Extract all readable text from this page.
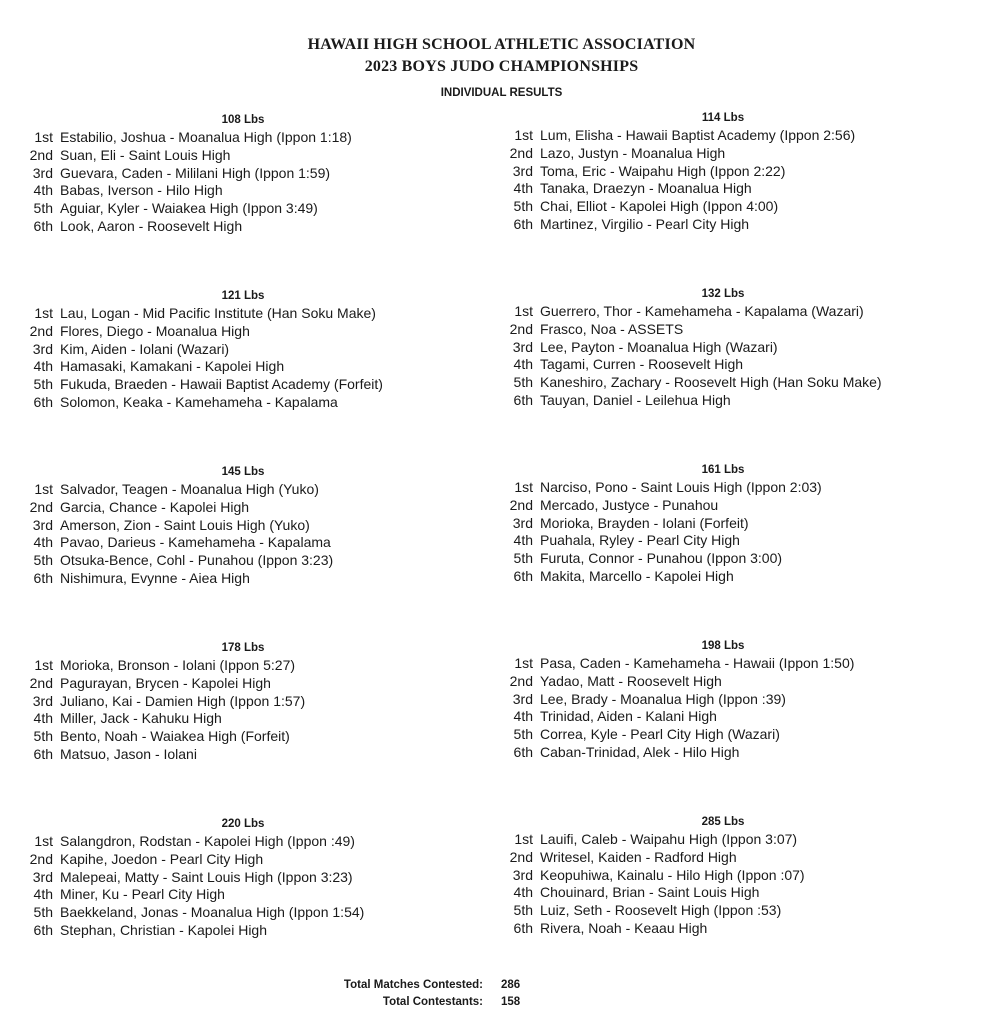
HAWAII HIGH SCHOOL ATHLETIC ASSOCIATION
2023 BOYS JUDO CHAMPIONSHIPS
INDIVIDUAL RESULTS
108 Lbs
1st Estabilio, Joshua - Moanalua High (Ippon 1:18)
2nd Suan, Eli - Saint Louis High
3rd Guevara, Caden - Mililani High (Ippon 1:59)
4th Babas, Iverson - Hilo High
5th Aguiar, Kyler - Waiakea High (Ippon 3:49)
6th Look, Aaron - Roosevelt High
114 Lbs
1st Lum, Elisha - Hawaii Baptist Academy (Ippon 2:56)
2nd Lazo, Justyn - Moanalua High
3rd Toma, Eric - Waipahu High (Ippon 2:22)
4th Tanaka, Draezyn - Moanalua High
5th Chai, Elliot - Kapolei High (Ippon 4:00)
6th Martinez, Virgilio - Pearl City High
121 Lbs
1st Lau, Logan - Mid Pacific Institute (Han Soku Make)
2nd Flores, Diego - Moanalua High
3rd Kim, Aiden - Iolani (Wazari)
4th Hamasaki, Kamakani - Kapolei High
5th Fukuda, Braeden - Hawaii Baptist Academy (Forfeit)
6th Solomon, Keaka - Kamehameha - Kapalama
132 Lbs
1st Guerrero, Thor - Kamehameha - Kapalama (Wazari)
2nd Frasco, Noa - ASSETS
3rd Lee, Payton - Moanalua High (Wazari)
4th Tagami, Curren - Roosevelt High
5th Kaneshiro, Zachary - Roosevelt High (Han Soku Make)
6th Tauyan, Daniel - Leilehua High
145 Lbs
1st Salvador, Teagen - Moanalua High (Yuko)
2nd Garcia, Chance - Kapolei High
3rd Amerson, Zion - Saint Louis High (Yuko)
4th Pavao, Darieus - Kamehameha - Kapalama
5th Otsuka-Bence, Cohl - Punahou (Ippon 3:23)
6th Nishimura, Evynne - Aiea High
161 Lbs
1st Narciso, Pono - Saint Louis High (Ippon 2:03)
2nd Mercado, Justyce - Punahou
3rd Morioka, Brayden - Iolani (Forfeit)
4th Puahala, Ryley - Pearl City High
5th Furuta, Connor - Punahou (Ippon 3:00)
6th Makita, Marcello - Kapolei High
178 Lbs
1st Morioka, Bronson - Iolani (Ippon 5:27)
2nd Pagurayan, Brycen - Kapolei High
3rd Juliano, Kai - Damien High (Ippon 1:57)
4th Miller, Jack - Kahuku High
5th Bento, Noah - Waiakea High (Forfeit)
6th Matsuo, Jason - Iolani
198 Lbs
1st Pasa, Caden - Kamehameha - Hawaii (Ippon 1:50)
2nd Yadao, Matt - Roosevelt High
3rd Lee, Brady - Moanalua High (Ippon :39)
4th Trinidad, Aiden - Kalani High
5th Correa, Kyle - Pearl City High (Wazari)
6th Caban-Trinidad, Alek - Hilo High
220 Lbs
1st Salangdron, Rodstan - Kapolei High (Ippon :49)
2nd Kapihe, Joedon - Pearl City High
3rd Malepeai, Matty - Saint Louis High (Ippon 3:23)
4th Miner, Ku - Pearl City High
5th Baekkeland, Jonas - Moanalua High (Ippon 1:54)
6th Stephan, Christian - Kapolei High
285 Lbs
1st Lauifi, Caleb - Waipahu High (Ippon 3:07)
2nd Writesel, Kaiden - Radford High
3rd Keopuhiwa, Kainalu - Hilo High (Ippon :07)
4th Chouinard, Brian - Saint Louis High
5th Luiz, Seth - Roosevelt High (Ippon :53)
6th Rivera, Noah - Keaau High
Total Matches Contested: 286
Total Contestants: 158
